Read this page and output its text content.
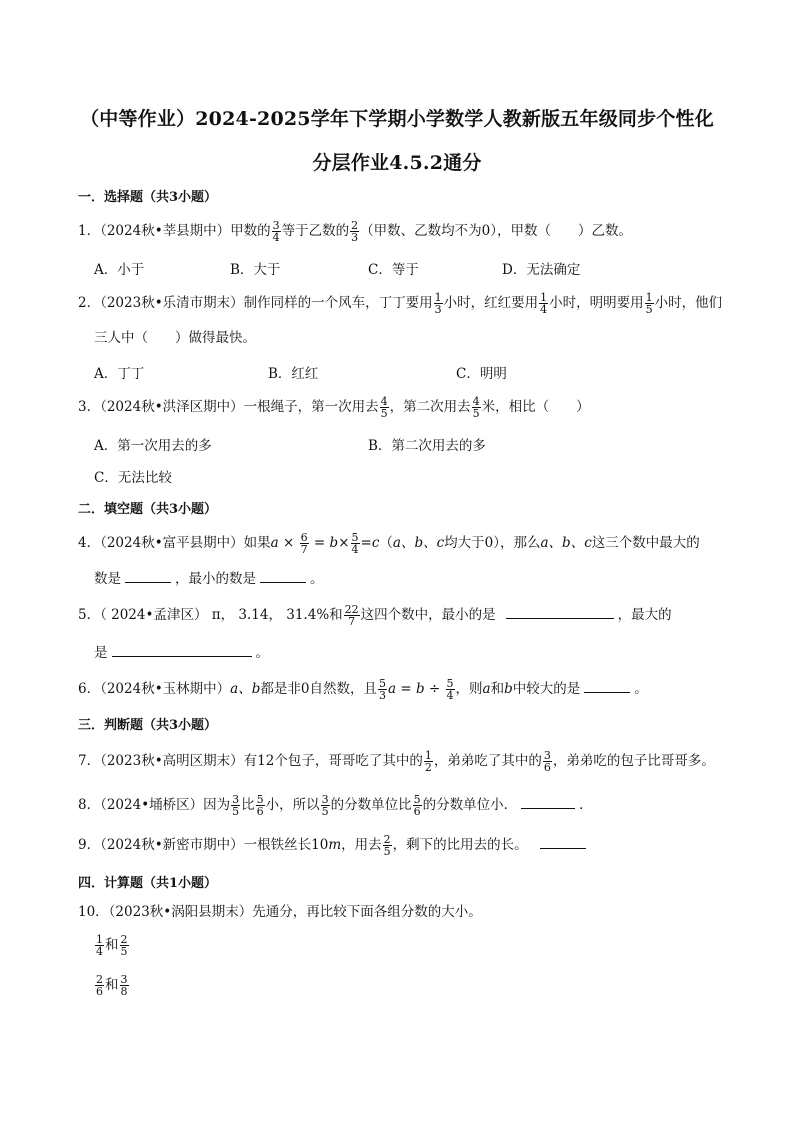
（中等作业）2024-2025学年下学期小学数学人教新版五年级同步个性化
分层作业4.5.2通分
一．选择题（共3小题）
1．（2024秋•莘县期中）甲数的 $\frac{3}{4}$ 等于乙数的 $\frac{2}{3}$ （甲数、乙数均不为0），甲数（　　）乙数。
A．小于	B．大于	C．等于	D．无法确定
2．（2023秋•乐清市期末）制作同样的一个风车，丁丁要用 $\frac{1}{3}$ 小时，红红要用 $\frac{1}{4}$ 小时，明明要用 $\frac{1}{5}$ 小时，他们
三人中（　　）做得最快。
A．丁丁	B．红红	C．明明
3．（2024秋•洪泽区期中）一根绳子，第一次用去 $\frac{4}{5}$ ，第二次用去 $\frac{4}{5}$ 米，相比（　　）
A．第一次用去的多	B．第二次用去的多
C．无法比较
二．填空题（共3小题）
4．（2024秋•富平县期中）如果$a \times \frac{6}{7} = b\times \frac{5}{4} =c(a$、b、c均大于0），那么a、b、c这三个数中最大的
数是	，最小的数是	。
5．（ 2024•孟津区） π， 3.14， 31.4%和 $\frac{22}{7}$ 这四个数中，最小的是	，最大的
是	。
6．（2024秋•玉林期中）a、b都是非0自然数，且 $\frac{5}{3}$ $a = b \div \frac{5}{4}$ ，则a和b中较大的是	。
三．判断题（共3小题）
7．（2023秋•高明区期末）有12个包子，哥哥吃了其中的 $\frac{1}{2}$ ，弟弟吃了其中的 $\frac{3}{6}$ ，弟弟吃的包子比哥哥多。
8．（2024•埇桥区）因为 $\frac{3}{5}$ 比 $\frac{5}{6}$ 小，所以 $\frac{3}{5}$ 的分数单位比 $\frac{5}{6}$ 的分数单位小．	．
9．（2024秋•新密市期中）一根铁丝长10m，用去 $\frac{2}{5}$ ，剩下的比用去的长。
四．计算题（共1小题）
10．（2023秋•涡阳县期末）先通分，再比较下面各组分数的大小。
$\frac{1}{4}$ 和 $\frac{2}{5}$
$\frac{2}{6}$ 和 $\frac{3}{8}$
